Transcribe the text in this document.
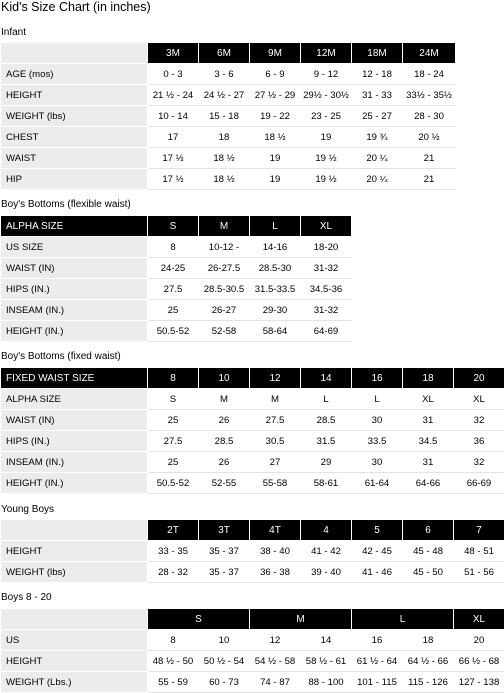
Kid's Size Chart (in inches)
Infant
	3M	6M	9M	12M	18M	24M
AGE (mos)	0 - 3	3 - 6	6 - 9	9 - 12	12 - 18	18 - 24
HEIGHT	21 ½ - 24	24 ½ - 27	27 ½ - 29	29½ - 30½	31 - 33	33½ - 35½
WEIGHT (lbs)	10 - 14	15 - 18	19 - 22	23 - 25	25 - 27	28 - 30
CHEST	17	18	18 ½	19	19 ¾	20 ½
WAIST	17 ½	18 ½	19	19 ½	20 ¼	21
HIP	17 ½	18 ½	19	19 ½	20 ¼	21
Boy's Bottoms (flexible waist)
ALPHA SIZE	S	M	L	XL
US SIZE	8	10-12 -	14-16	18-20
WAIST (IN)	24-25	26-27.5	28.5-30	31-32
HIPS (IN.)	27.5	28.5-30.5	31.5-33.5	34.5-36
INSEAM (IN.)	25	26-27	29-30	31-32
HEIGHT (IN.)	50.5-52	52-58	58-64	64-69
Boy's Bottoms (fixed waist)
FIXED WAIST SIZE	8	10	12	14	16	18	20
ALPHA SIZE	S	M	M	L	L	XL	XL
WAIST (IN)	25	26	27.5	28.5	30	31	32
HIPS (IN.)	27.5	28.5	30.5	31.5	33.5	34.5	36
INSEAM (IN.)	25	26	27	29	30	31	32
HEIGHT (IN.)	50.5-52	52-55	55-58	58-61	61-64	64-66	66-69
Young Boys
	2T	3T	4T	4	5	6	7
HEIGHT	33 - 35	35 - 37	38 - 40	41 - 42	42 - 45	45 - 48	48 - 51
WEIGHT (lbs)	28 - 32	35 - 37	36 - 38	39 - 40	41 - 46	45 - 50	51 - 56
Boys 8 - 20
	S		M		L		XL
US	8	10	12	14	16	18	20
HEIGHT	48 ½ - 50	50 ½ - 54	54 ½ - 58	58 ½ - 61	61 ½ - 64	64 ½ - 66	66 ½ - 68
WEIGHT (Lbs.)	55 - 59	60 - 73	74 - 87	88 - 100	101 - 115	115 - 126	127 - 138
